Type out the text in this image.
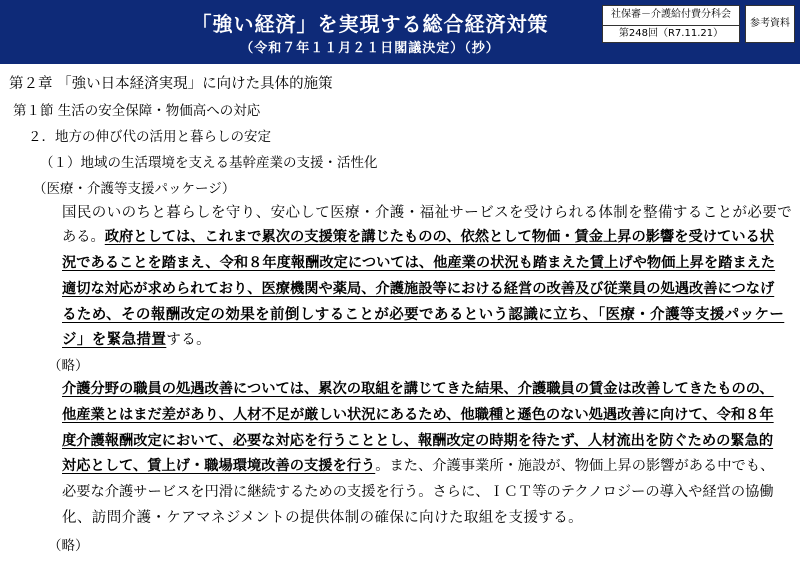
「強い経済」を実現する総合経済対策
（令和７年１１月２１日閣議決定）（抄）
社保審－介護給付費分科会
第248回（R7.11.21）
参考資料
第２章 「強い日本経済実現」に向けた具体的施策
第１節 生活の安全保障・物価高への対応
２．地方の伸び代の活用と暮らしの安定
（１）地域の生活環境を支える基幹産業の支援・活性化
（医療・介護等支援パッケージ）
国民のいのちと暮らしを守り、安心して医療・介護・福祉サービスを受けられる体制を整備することが必要で
ある。政府としては、これまで累次の支援策を講じたものの、依然として物価・賃金上昇の影響を受けている状
況であることを踏まえ、令和８年度報酬改定については、他産業の状況も踏まえた賃上げや物価上昇を踏まえた
適切な対応が求められており、医療機関や薬局、介護施設等における経営の改善及び従業員の処遇改善につなげ
るため、その報酬改定の効果を前倒しすることが必要であるという認識に立ち、「医療・介護等支援パッケー
ジ」を緊急措置する。
（略）
介護分野の職員の処遇改善については、累次の取組を講じてきた結果、介護職員の賃金は改善してきたものの、
他産業とはまだ差があり、人材不足が厳しい状況にあるため、他職種と遜色のない処遇改善に向けて、令和８年
度介護報酬改定において、必要な対応を行うこととし、報酬改定の時期を待たず、人材流出を防ぐための緊急的
対応として、賃上げ・職場環境改善の支援を行う。また、介護事業所・施設が、物価上昇の影響がある中でも、
必要な介護サービスを円滑に継続するための支援を行う。さらに、ＩＣＴ等のテクノロジーの導入や経営の協働
化、訪問介護・ケアマネジメントの提供体制の確保に向けた取組を支援する。
（略）
